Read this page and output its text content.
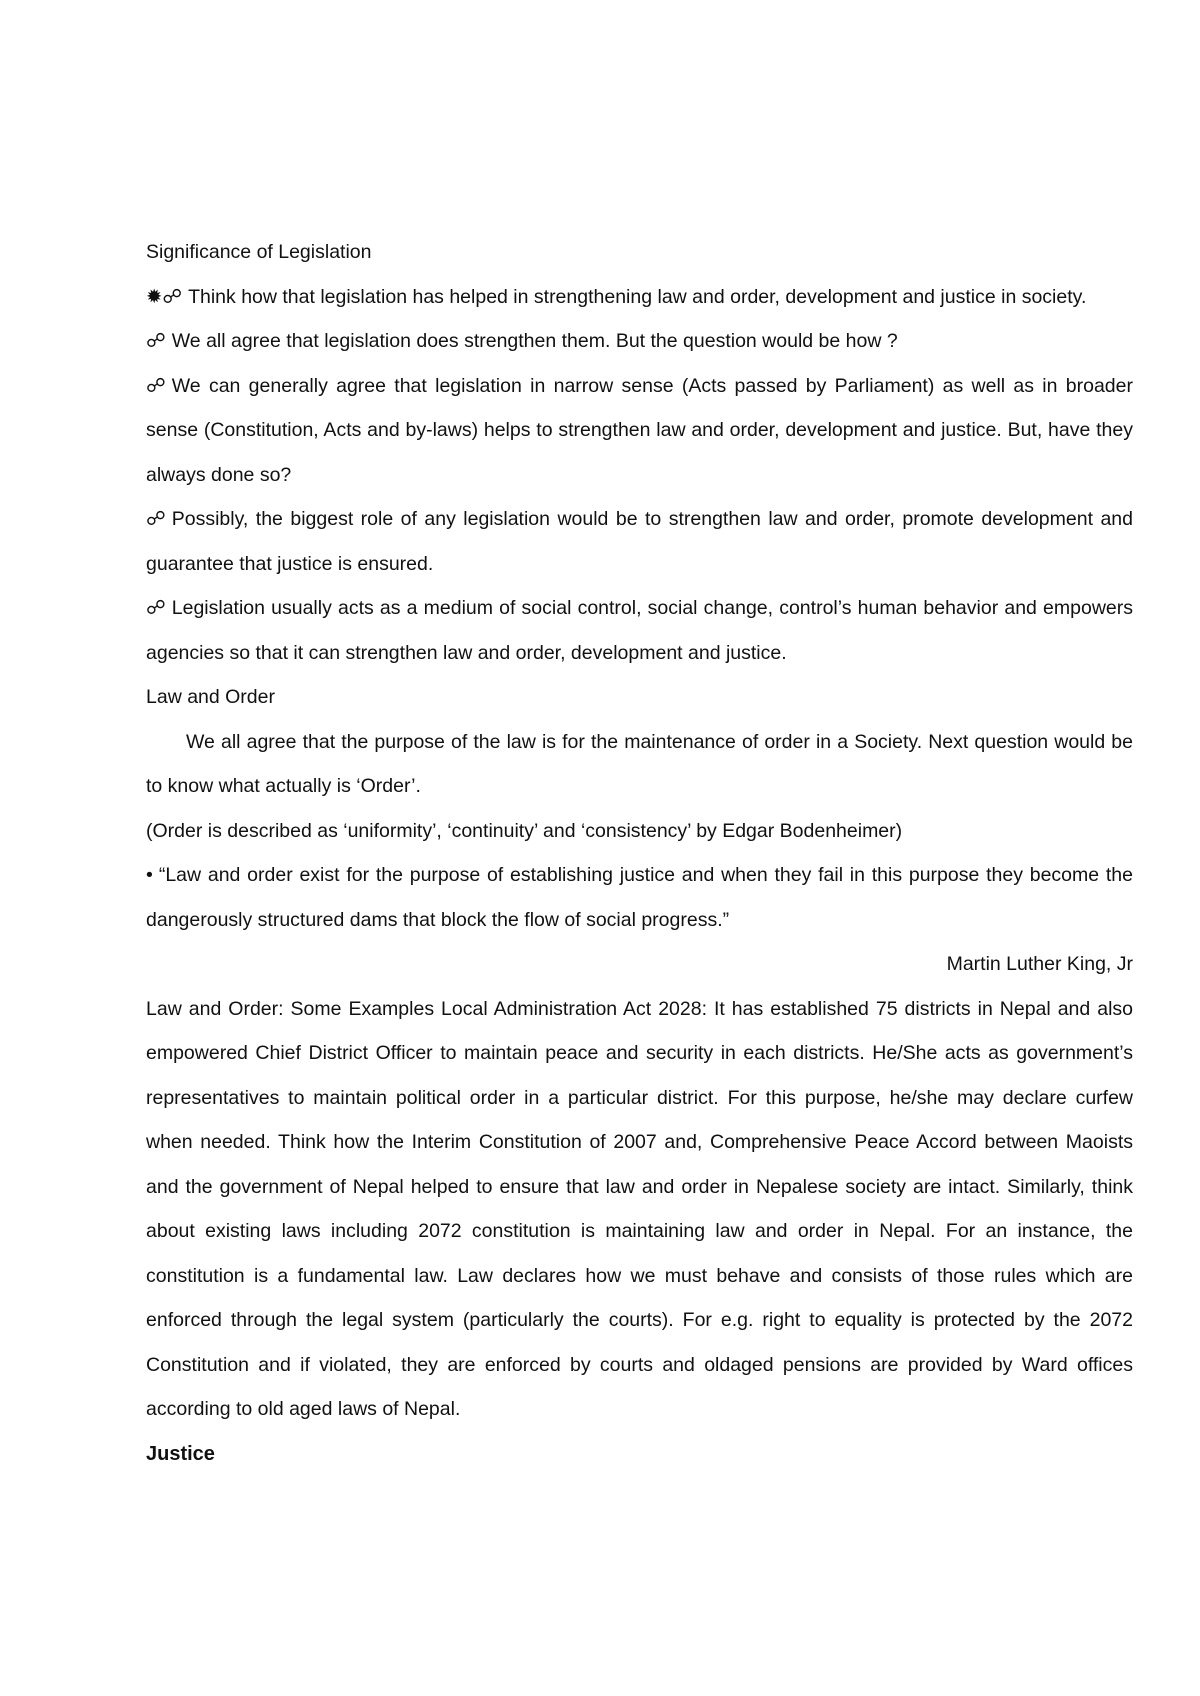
Significance of Legislation

✹☍ Think how that legislation has helped in strengthening law and order, development and justice in society.

☍ We all agree that legislation does strengthen them. But the question would be how ?

☍ We can generally agree that legislation in narrow sense (Acts passed by Parliament) as well as in broader sense (Constitution, Acts and by-laws) helps to strengthen law and order, development and justice. But, have they always done so?

☍ Possibly, the biggest role of any legislation would be to strengthen law and order, promote development and guarantee that justice is ensured.

☍ Legislation usually acts as a medium of social control, social change, control’s human behavior and empowers agencies so that it can strengthen law and order, development and justice.

Law and Order

We all agree that the purpose of the law is for the maintenance of order in a Society. Next question would be to know what actually is ‘Order’.

(Order is described as ‘uniformity’, ‘continuity’ and ‘consistency’ by Edgar Bodenheimer)

• “Law and order exist for the purpose of establishing justice and when they fail in this purpose they become the dangerously structured dams that block the flow of social progress.”

Martin Luther King, Jr

Law and Order: Some Examples Local Administration Act 2028: It has established 75 districts in Nepal and also empowered Chief District Officer to maintain peace and security in each districts. He/She acts as government’s representatives to maintain political order in a particular district. For this purpose, he/she may declare curfew when needed. Think how the Interim Constitution of 2007 and, Comprehensive Peace Accord between Maoists and the government of Nepal helped to ensure that law and order in Nepalese society are intact. Similarly, think about existing laws including 2072 constitution is maintaining law and order in Nepal. For an instance, the constitution is a fundamental law. Law declares how we must behave and consists of those rules which are enforced through the legal system (particularly the courts). For e.g. right to equality is protected by the 2072 Constitution and if violated, they are enforced by courts and oldaged pensions are provided by Ward offices according to old aged laws of Nepal.

Justice
